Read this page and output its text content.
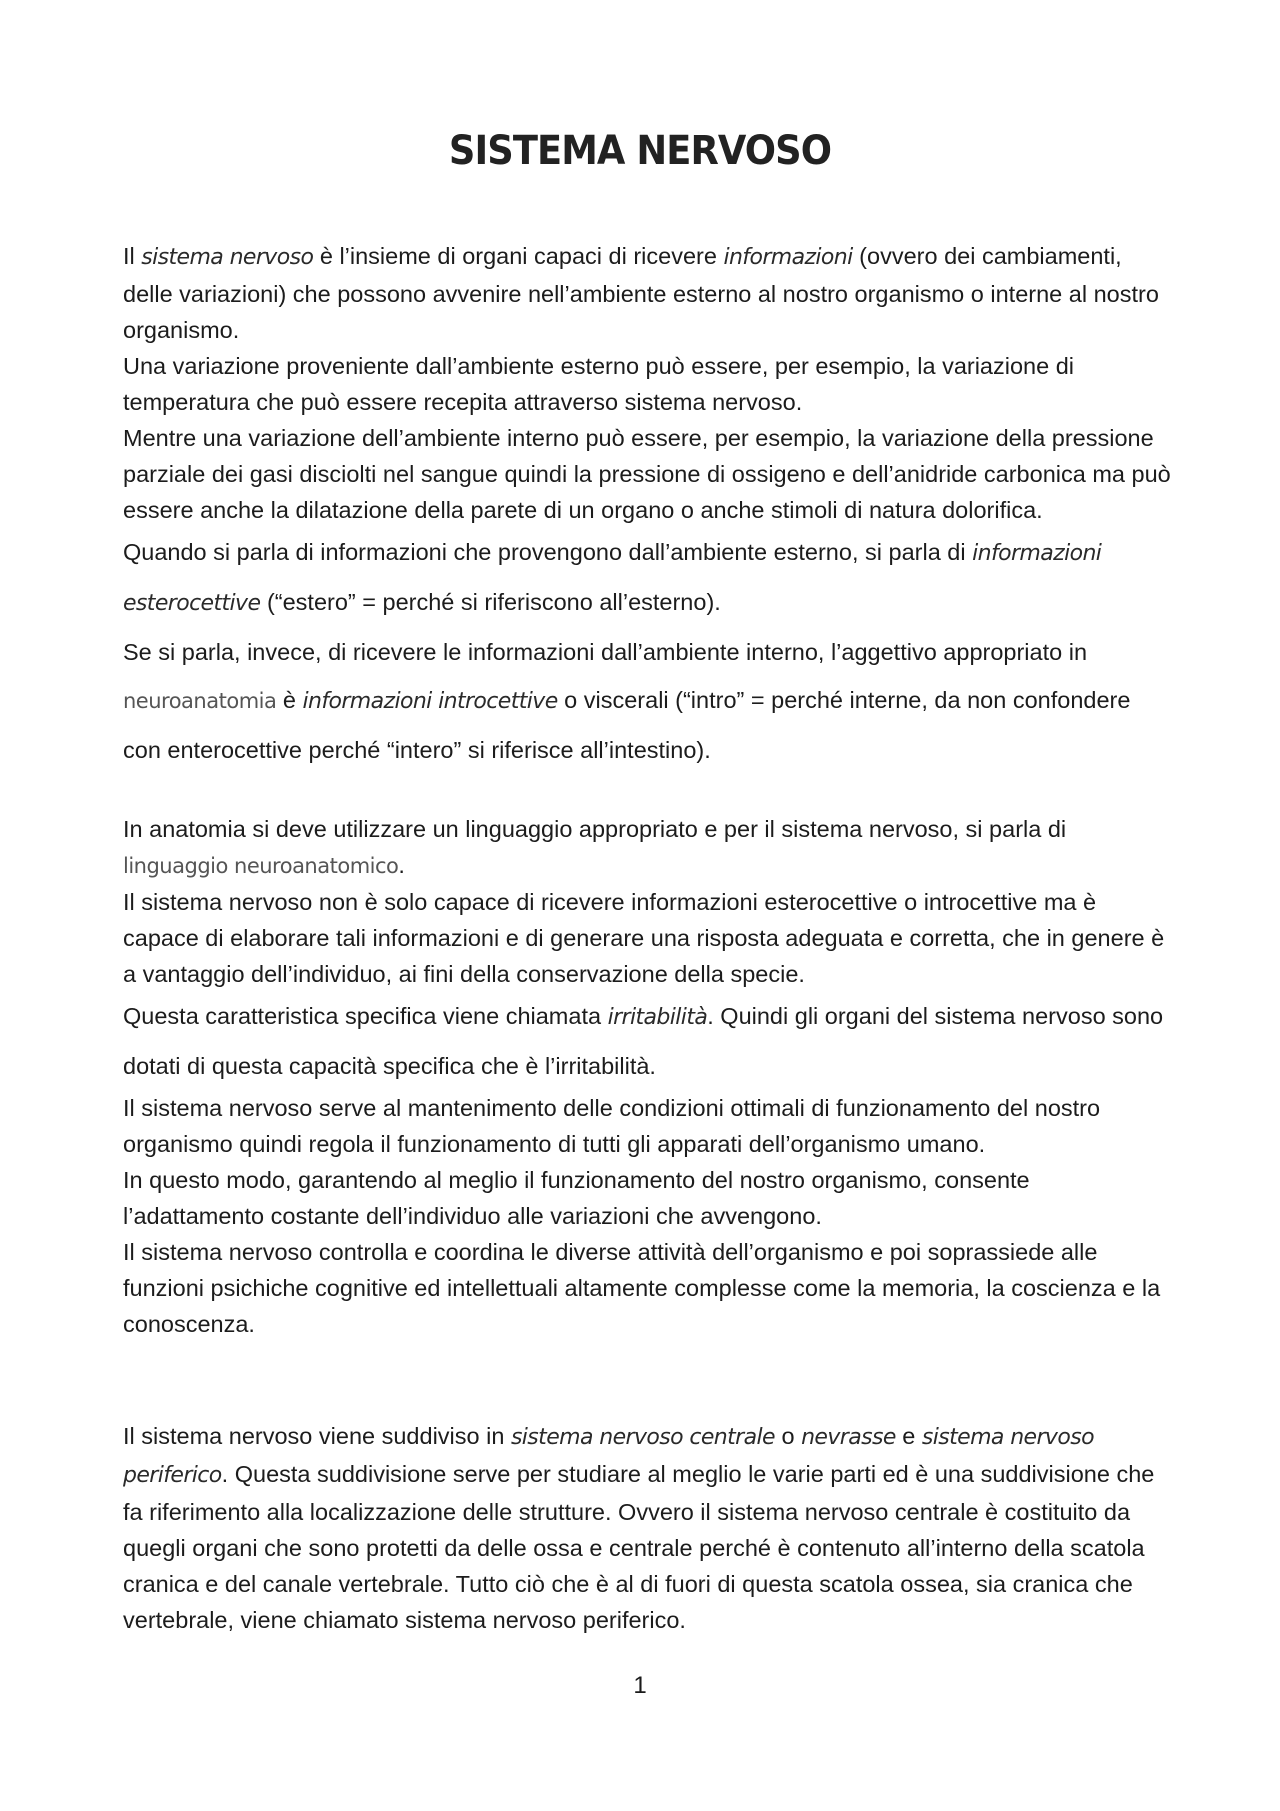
SISTEMA NERVOSO

Il sistema nervoso è l’insieme di organi capaci di ricevere informazioni (ovvero dei cambiamenti, delle variazioni) che possono avvenire nell’ambiente esterno al nostro organismo o interne al nostro organismo.

Una variazione proveniente dall’ambiente esterno può essere, per esempio, la variazione di temperatura che può essere recepita attraverso sistema nervoso.

Mentre una variazione dell’ambiente interno può essere, per esempio, la variazione della pressione parziale dei gasi disciolti nel sangue quindi la pressione di ossigeno e dell’anidride carbonica ma può essere anche la dilatazione della parete di un organo o anche stimoli di natura dolorifica.

Quando si parla di informazioni che provengono dall’ambiente esterno, si parla di informazioni esterocettive (“estero” = perché si riferiscono all’esterno).

Se si parla, invece, di ricevere le informazioni dall’ambiente interno, l’aggettivo appropriato in neuroanatomia è informazioni introcettive o viscerali (“intro” = perché interne, da non confondere con enterocettive perché “intero” si riferisce all’intestino).

In anatomia si deve utilizzare un linguaggio appropriato e per il sistema nervoso, si parla di linguaggio neuroanatomico.

Il sistema nervoso non è solo capace di ricevere informazioni esterocettive o introcettive ma è capace di elaborare tali informazioni e di generare una risposta adeguata e corretta, che in genere è a vantaggio dell’individuo, ai fini della conservazione della specie.

Questa caratteristica specifica viene chiamata irritabilità. Quindi gli organi del sistema nervoso sono dotati di questa capacità specifica che è l’irritabilità.

Il sistema nervoso serve al mantenimento delle condizioni ottimali di funzionamento del nostro organismo quindi regola il funzionamento di tutti gli apparati dell’organismo umano.

In questo modo, garantendo al meglio il funzionamento del nostro organismo, consente l’adattamento costante dell’individuo alle variazioni che avvengono.

Il sistema nervoso controlla e coordina le diverse attività dell’organismo e poi soprassiede alle funzioni psichiche cognitive ed intellettuali altamente complesse come la memoria, la coscienza e la conoscenza.

Il sistema nervoso viene suddiviso in sistema nervoso centrale o nevrasse e sistema nervoso periferico. Questa suddivisione serve per studiare al meglio le varie parti ed è una suddivisione che fa riferimento alla localizzazione delle strutture. Ovvero il sistema nervoso centrale è costituito da quegli organi che sono protetti da delle ossa e centrale perché è contenuto all’interno della scatola cranica e del canale vertebrale. Tutto ciò che è al di fuori di questa scatola ossea, sia cranica che vertebrale, viene chiamato sistema nervoso periferico.

1
